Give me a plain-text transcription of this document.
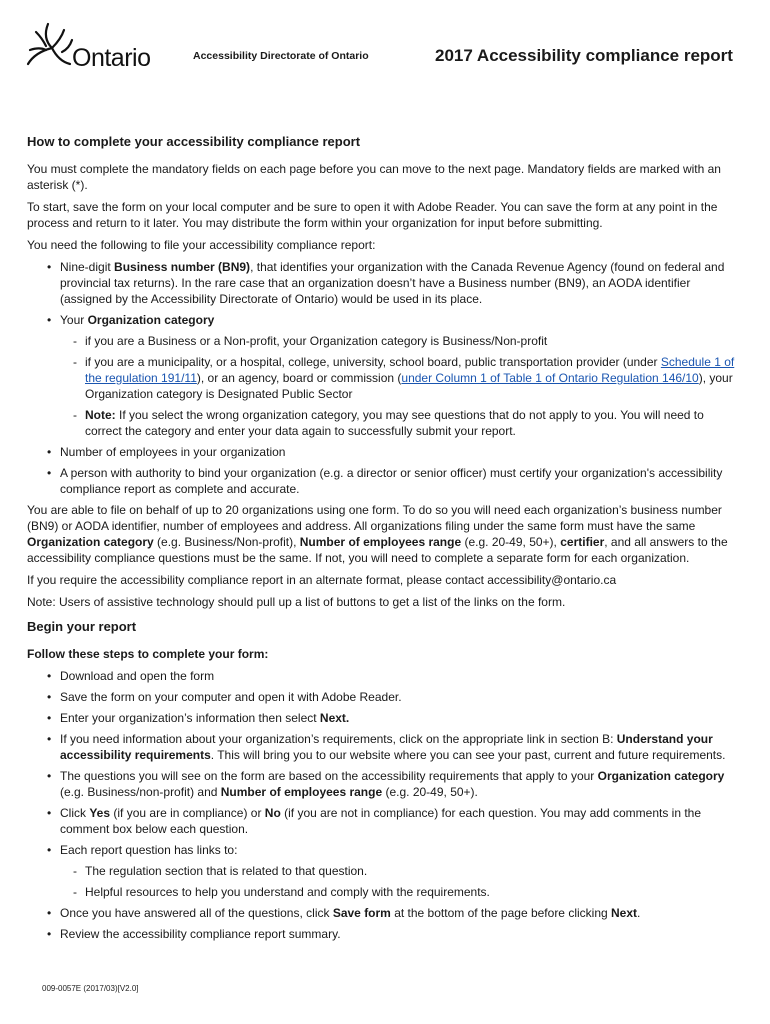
Ontario	Accessibility Directorate of Ontario	2017 Accessibility compliance report
How to complete your accessibility compliance report

You must complete the mandatory fields on each page before you can move to the next page. Mandatory fields are marked with an asterisk (*).

To start, save the form on your local computer and be sure to open it with Adobe Reader. You can save the form at any point in the process and return to it later. You may distribute the form within your organization for input before submitting.

You need the following to file your accessibility compliance report:

• Nine-digit Business number (BN9), that identifies your organization with the Canada Revenue Agency (found on federal and provincial tax returns). In the rare case that an organization doesn’t have a Business number (BN9), an AODA identifier (assigned by the Accessibility Directorate of Ontario) would be used in its place.
• Your Organization category
- if you are a Business or a Non-profit, your Organization category is Business/Non-profit
- if you are a municipality, or a hospital, college, university, school board, public transportation provider (under Schedule 1 of the regulation 191/11), or an agency, board or commission (under Column 1 of Table 1 of Ontario Regulation 146/10), your Organization category is Designated Public Sector
- Note: If you select the wrong organization category, you may see questions that do not apply to you. You will need to correct the category and enter your data again to successfully submit your report.
• Number of employees in your organization
• A person with authority to bind your organization (e.g. a director or senior officer) must certify your organization's accessibility compliance report as complete and accurate.

You are able to file on behalf of up to 20 organizations using one form. To do so you will need each organization’s business number (BN9) or AODA identifier, number of employees and address. All organizations filing under the same form must have the same Organization category (e.g. Business/Non-profit), Number of employees range (e.g. 20-49, 50+), certifier, and all answers to the accessibility compliance questions must be the same. If not, you will need to complete a separate form for each organization.

If you require the accessibility compliance report in an alternate format, please contact accessibility@ontario.ca

Note: Users of assistive technology should pull up a list of buttons to get a list of the links on the form.

Begin your report
Follow these steps to complete your form:
• Download and open the form
• Save the form on your computer and open it with Adobe Reader.
• Enter your organization’s information then select Next.
• If you need information about your organization’s requirements, click on the appropriate link in section B: Understand your accessibility requirements. This will bring you to our website where you can see your past, current and future requirements.
• The questions you will see on the form are based on the accessibility requirements that apply to your Organization category (e.g. Business/non-profit) and Number of employees range (e.g. 20-49, 50+).
• Click Yes (if you are in compliance) or No (if you are not in compliance) for each question. You may add comments in the comment box below each question.
• Each report question has links to:
- The regulation section that is related to that question.
- Helpful resources to help you understand and comply with the requirements.
• Once you have answered all of the questions, click Save form at the bottom of the page before clicking Next.
• Review the accessibility compliance report summary.
009-0057E (2017/03)[V2.0]
